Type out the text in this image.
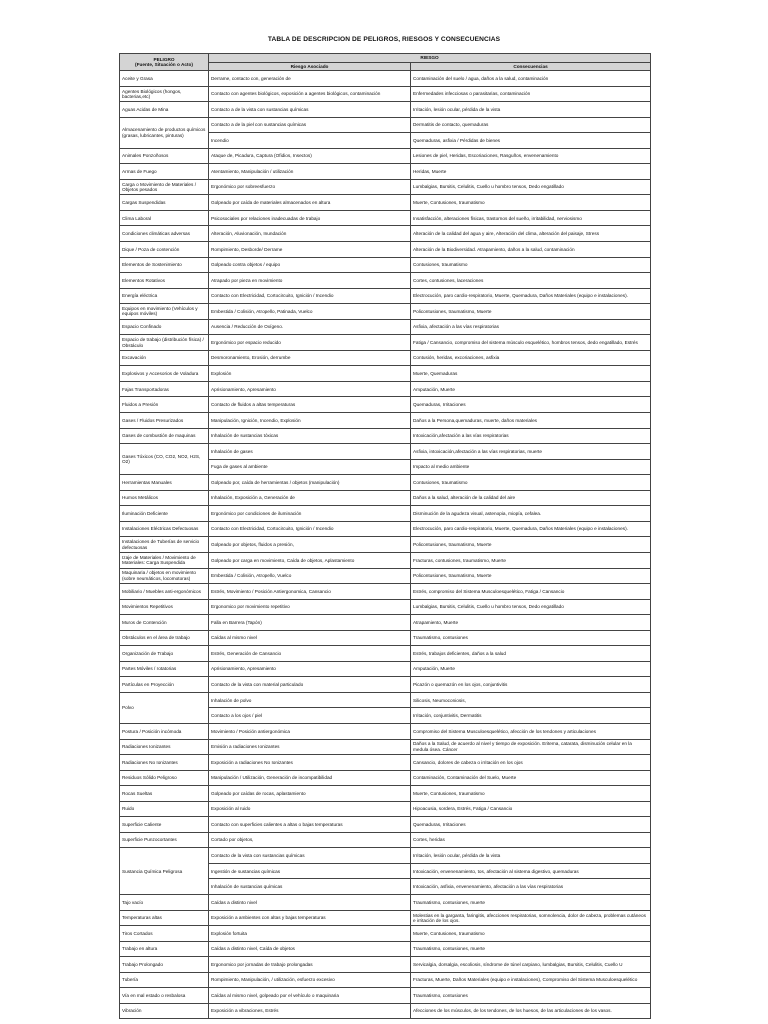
TABLA DE DESCRIPCION DE PELIGROS, RIESGOS Y CONSECUENCIAS
PELIGRO
(Fuente, Situación o Acto)	RIESGO	
	Riesgo Asociado	Consecuencias
Aceite y Grasa	Derrame, contacto con, generación de	Contaminación del suelo / agua, daños a la salud, contaminación
Agentes Biológicos (hongos, bacterias,etc)	Contacto con agentes biológicos, exposición a agentes biológicos, contaminación	Enfermedades infecciosas o parasitarias, contaminación
Aguas Acidas de Mina	Contacto a de la vista con sustancias químicas	Irritación, lesión ocular, pérdida de la vista
Almacenamiento de productos químicos (grasas, lubricantes, pinturas)	Contacto a de la piel con sustancias químicas	Dermatitis de contacto, quemaduras
	Incendio	Quemaduras, asfixia / Pérdidas de bienes
Animales Ponzoñosos	Ataque de, Picadura, Captura (Ofidios, Insectos)	Lesiones de piel, Heridas, Escoriaciones, Rasguños, envenenamiento
Armas de Fuego	Atentamiento, Manipulación / utilización	Heridas, Muerte
Carga o Movimiento de Materiales / Objetos pesados	Ergonómico por sobreesfuerzo	Lumbalgias, Bursitis, Celulitis, Cuello u hombro tensos, Dedo engatillado
Cargas Suspendidas	Golpeado por caída de materiales almacenados en altura	Muerte, Contusiones, traumatismo
Clima Laboral	Psicosociales por relaciones inadecuadas de trabajo	Insatisfacción, alteraciones físicas, trastornos del sueño, irritabilidad, nerviosismo
Condiciones climáticas adversas	Alteración, Aluvionación, Inundación	Alteración de la calidad del agua y aire, Alteración del clima, alteración del paisaje, Stress
Dique / Poza de contención	Rompimiento, Desborde/ Derrame	Alteración de la Biodiversidad. Atrapamiento, daños a la salud, contaminación
Elementos de Sostenimiento	Golpeado contra objetos / equipo	Contusiones, traumatismo
Elementos Rotativos	Atrapado por pieza en movimiento	Cortes, contusiones, laceraciones
Energía eléctrica	Contacto con Electricidad, Cortocircuito, Ignición / Incendio	Electrocución, paro cardio-respiratorio, Muerte, Quemadura, Daños Materiales (equipo e instalaciones).
Equipos en movimiento (Vehículos y equipos móviles)	Embestida / Colisión, Atropello, Patinada, Vuelco	Policontusiones, traumatismo, Muerte
Espacio Confinado	Ausencia / Reducción de Oxígeno.	Asfixia, afectación a las vías respiratorias
Espacio de trabajo (distribución física) / Obstáculo	Ergonómico por espacio reducido	Fatiga / Cansancio, compromiso del sistema músculo esquelético, hombros tensos, dedo engatillado, Estrés
Excavación	Desmoronamiento, Erosión, derrumbe	Contusión, heridas, excoriaciones, asfixia
Explosivos y Accesorios de Voladura	Explosión	Muerte, Quemaduras
Fajas Transportadoras	Aprisionamiento, Apresamiento	Amputación, Muerte
Fluidos a Presión	Contacto de fluidos a altas temperaturas	Quemaduras, Irritaciones
Gases / Fluidos Presurizados	Manipulación, Ignición, Incendio, Explosión	Daños a la Persona,quemaduras, muerte, daños materiales
Gases de combustión de maquinas	Inhalación de sustancias tóxicas	Intoxicación,afectación a las vías respiratorias
Gases Tóxicos (CO, CO2, NO2, H2S, O2)	Inhalación de gases	Asfixia, intoxicación,afectación a las vías respiratorias, muerte
	Fuga de gases al ambiente	Impacto al medio ambiente
Herramientas Manuales	Golpeado por, caída de herramientas / objetos (manipulación)	Contusiones, traumatismo
Humos Metálicos	Inhalación, Exposición a, Generación de	Daños a la salud, alteración de la calidad del aire
Iluminación Deficiente	Ergonómico por condiciones de iluminación	Disminución de la agudeza visual, astenopia, miopía, cefalea.
Instalaciones Eléctricas Defectuosas	Contacto con Electricidad, Cortocircuito, Ignición / Incendio	Electrocución, paro cardio-respiratorio, Muerte, Quemadura, Daños Materiales (equipo e instalaciones).
Instalaciones de Tuberías de servicio defectuosas	Golpeado por objetos, fluidos a presión,	Policontusiones, traumatismo, Muerte
Izaje de Materiales / Movimiento de Materiales: Carga Suspendida	Golpeado por carga en movimiento, Caída de objetos, Aplastamiento	Fracturas, contusiones, traumatismo, Muerte
Maquinaria / objetos en movimiento (sobre neumáticos, locomotoras)	Embestida / Colisión, Atropello, Vuelco	Policontusiones, traumatismo, Muerte
Mobiliario / Muebles anti-ergonómicos	Estrés, Movimiento / Posición Antiergonomica, Cansancio	Estrés, compromiso del Sistema Musculoesquelético, Fatiga / Cansancio
Movimientos Repetitivos	Ergonomico por movimiento repetitivo	Lumbalgias, Bursitis, Celulitis, Cuello u hombro tensos, Dedo engatillado
Muros de Contención	Falla en Barrera (Tapón)	Atrapamiento, Muerte
Obstáculos en el área de trabajo	Caídas al mismo nivel	Traumatismo, contusiones
Organización de Trabajo	Estrés, Generación de Cansancio	Estrés, trabajos deficientes, daños a la salud
Partes Móviles / rotatorias	Aprisionamiento, Apresamiento	Amputación, Muerte
Partículas en Proyección	Contacto de la vista con material particulado	Picazón o quemazón en los ojos, conjuntivitis
Polvo	Inhalación de polvo	Silicosis, Neumoconiosis,
	Contacto a los ojos / piel	Irritación, conjuntivitis, Dermatitis
Postura / Posición incómoda	Movimiento / Posición antiergonómica	Compromiso del Sistema Musculoesquelético, afección de los tendones y articulaciones
Radiaciones Ionizantes	Emisión a radiaciones Ionizantes	Daños a la Salud, de acuerdo al nivel y tiempo de exposición. Eritema, catarata, disminución celular en la medula ósea. Cáncer
Radiaciones No Ionizantes	Exposición a radiaciones No Ionizantes	Cansancio, dolores de cabeza o irritación en los ojos
Residuos Sólido Peligroso	Manipulación / Utilización, Generación de incompatibilidad	Contaminación, Contaminación del Suelo, Muerte
Rocas Sueltas	Golpeado por caídas de rocas, aplastamiento	Muerte, Contusiones, traumatismo
Ruido	Exposición al ruido	Hipoacusia, sordera, Estrés, Fatiga / Cansancio
Superficie Caliente	Contacto con superficies calientes a altas o bajas temperaturas	Quemaduras, Irritaciones
Superficie Punzocortantes	Cortado por objetos,	Cortes, heridas
Sustancia Química Peligrosa	Contacto de la vista con sustancias químicas	Irritación, lesión ocular, pérdida de la vista
	Ingestión de sustancias químicas	Intoxicación, envenenamiento, tos, afectación al sistema digestivo, quemaduras
	Inhalación de sustancias químicas	Intoxicación, asfixia, envenenamiento, afectación a las vías respiratorias
Tajo vacío	Caídas a distinto nivel	Traumatismo, contusiones, muerte
Temperaturas altas	Exposición a ambientes con altas y bajas temperaturas	Molestias en la garganta, faringitis, afecciones respiratorias, somnolencia, dolor de cabeza, problemas cutáneos e irritación de los ojos.
Tiros Cortados	Explosión fortuita	Muerte, Contusiones, traumatismo
Trabajo en altura	Caídas a distinto nivel, Caída de objetos	Traumatismo, contusiones, muerte
Trabajo Prolongado	Ergonomico por jornadas de trabajo prolongadas	Servicalgia, dorsalgia, escoliosis, síndrome de túnel carpiano, lumbalgias, Bursitis, Celulitis, Cuello U
Tubería	Rompimiento, Manipulación, / utilización, esfuerzo excesivo	Fracturas, Muerte, Daños Materiales (equipo e instalaciones), Compromiso del Sistema Musculoesquelético
Vía en mal estado o resbalosa	Caídas al mismo nivel, golpeado por el vehículo o maquinaria	Traumatismo, contusiones
Vibración	Exposición a vibraciones, Estrés	Afecciones de los músculos, de los tendones, de los huesos, de las articulaciones de los vasos.
